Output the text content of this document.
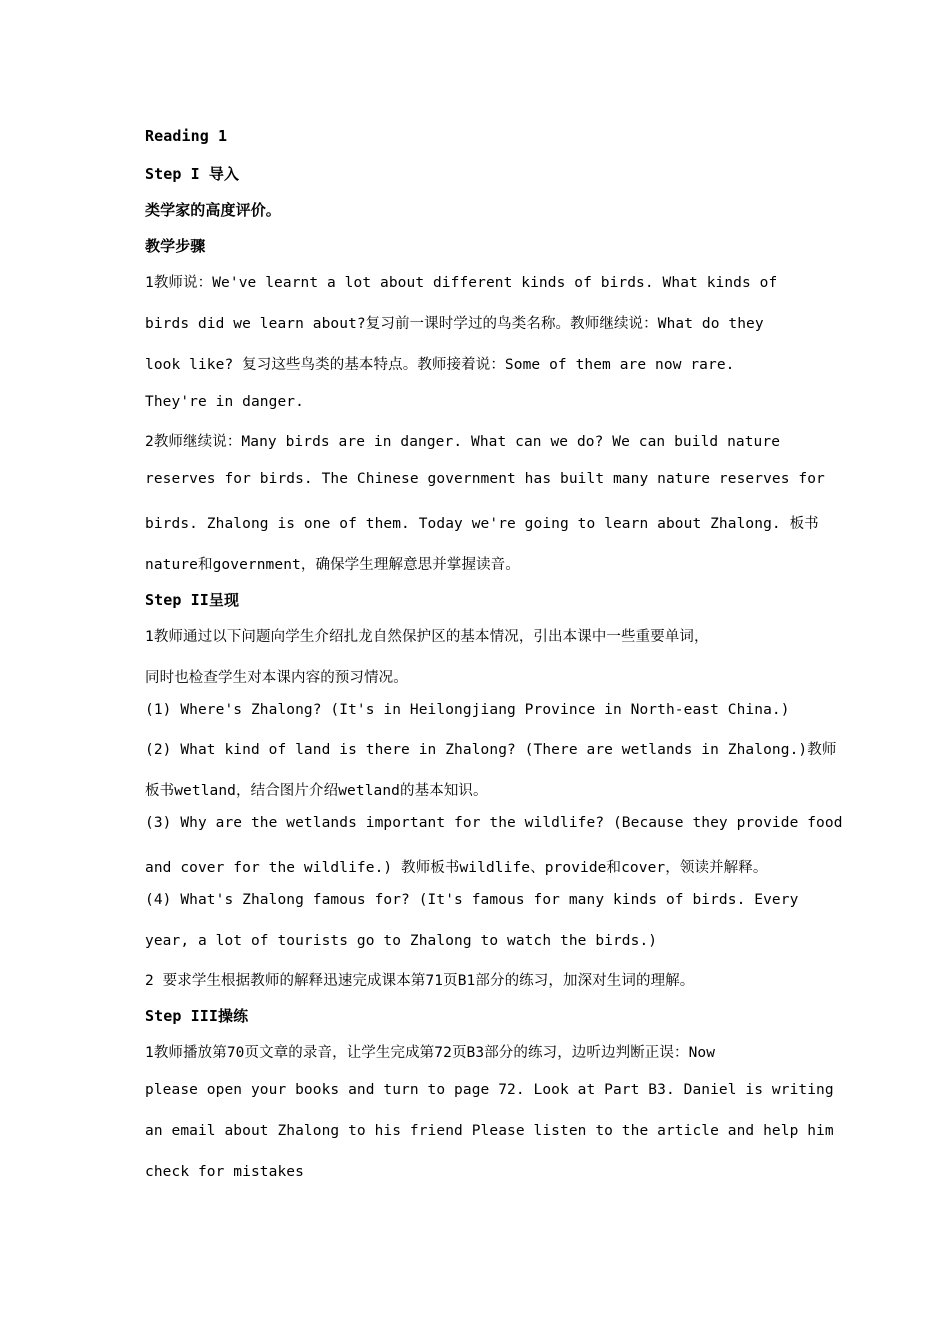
Reading 1
Step I 导入
类学家的高度评价。
教学步骤
1教师说：We've learnt a lot about different kinds of birds. What kinds of
birds did we learn about?复习前一课时学过的鸟类名称。教师继续说：What do they
look like? 复习这些鸟类的基本特点。教师接着说：Some of them are now rare.
They're in danger.
2教师继续说：Many birds are in danger. What can we do? We can build nature
reserves for birds. The Chinese government has built many nature reserves for
birds. Zhalong is one of them. Today we're going to learn about Zhalong. 板书
nature和government，确保学生理解意思并掌握读音。
Step II呈现
1教师通过以下问题向学生介绍扎龙自然保护区的基本情况，引出本课中一些重要单词，
同时也检查学生对本课内容的预习情况。
(1) Where's Zhalong? (It's in Heilongjiang Province in North-east China.)
(2) What kind of land is there in Zhalong? (There are wetlands in Zhalong.)教师
板书wetland，结合图片介绍wetland的基本知识。
(3) Why are the wetlands important for the wildlife? (Because they provide food
and cover for the wildlife.) 教师板书wildlife、provide和cover，领读并解释。
(4) What's Zhalong famous for? (It's famous for many kinds of birds. Every
year, a lot of tourists go to Zhalong to watch the birds.)
2 要求学生根据教师的解释迅速完成课本第71页B1部分的练习，加深对生词的理解。
Step III操练
1教师播放第70页文章的录音，让学生完成第72页B3部分的练习，边听边判断正误：Now
please open your books and turn to page 72. Look at Part B3. Daniel is writing
an email about Zhalong to his friend Please listen to the article and help him
check for mistakes
